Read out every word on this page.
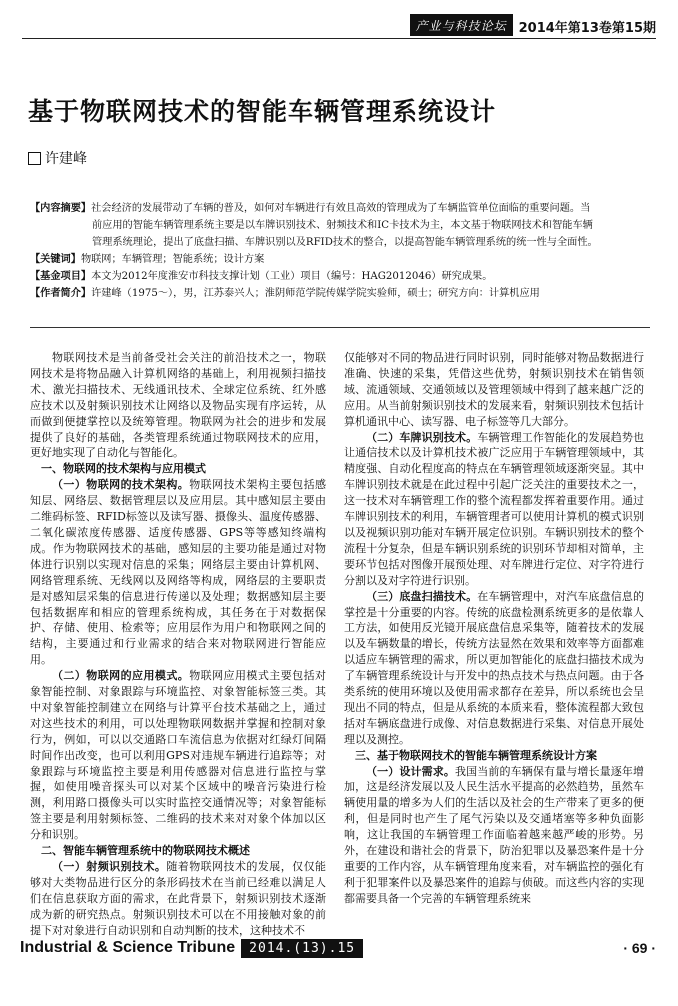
产业与科技论坛 2014年第13卷第15期
基于物联网技术的智能车辆管理系统设计
许建峰
【内容摘要】社会经济的发展带动了车辆的普及，如何对车辆进行有效且高效的管理成为了车辆监管单位面临的重要问题。当
前应用的智能车辆管理系统主要是以车牌识别技术、射频技术和IC卡技术为主，本文基于物联网技术和智能车辆
管理系统理论，提出了底盘扫描、车牌识别以及RFID技术的整合，以提高智能车辆管理系统的统一性与全面性。
【关键词】物联网；车辆管理；智能系统；设计方案
【基金项目】本文为2012年度淮安市科技支撑计划（工业）项目（编号：HAG2012046）研究成果。
【作者简介】许建峰（1975～），男，江苏泰兴人；淮阴师范学院传媒学院实验师，硕士；研究方向：计算机应用

物联网技术是当前备受社会关注的前沿技术之一，物联网技术是将物品融入计算机网络的基础上，利用视频扫描技术、激光扫描技术、无线通讯技术、全球定位系统、红外感应技术以及射频识别技术让网络以及物品实现有序运转，从而做到便捷掌控以及统筹管理。物联网为社会的进步和发展提供了良好的基础，各类管理系统通过物联网技术的应用，更好地实现了自动化与智能化。

一、物联网的技术架构与应用模式

（一）物联网的技术架构。物联网技术架构主要包括感知层、网络层、数据管理层以及应用层。其中感知层主要由二维码标签、RFID标签以及读写器、摄像头、温度传感器、二氧化碳浓度传感器、适度传感器、GPS等等感知终端构成。作为物联网技术的基础，感知层的主要功能是通过对物体进行识别以实现对信息的采集；网络层主要由计算机网、网络管理系统、无线网以及网络等构成，网络层的主要职责是对感知层采集的信息进行传递以及处理；数据感知层主要包括数据库和相应的管理系统构成，其任务在于对数据保护、存储、使用、检索等；应用层作为用户和物联网之间的结构，主要通过和行业需求的结合来对物联网进行智能应用。

（二）物联网的应用模式。物联网应用模式主要包括对象智能控制、对象跟踪与环境监控、对象智能标签三类。其中对象智能控制建立在网络与计算平台技术基础之上，通过对这些技术的利用，可以处理物联网数据并掌握和控制对象行为，例如，可以以交通路口车流信息为依据对红绿灯间隔时间作出改变，也可以利用GPS对违规车辆进行追踪等；对象跟踪与环境监控主要是利用传感器对信息进行监控与掌握，如使用噪音探头可以对某个区域中的噪音污染进行检测，利用路口摄像头可以实时监控交通情况等；对象智能标签主要是利用射频标签、二维码的技术来对对象个体加以区分和识别。

二、智能车辆管理系统中的物联网技术概述

（一）射频识别技术。随着物联网技术的发展，仅仅能够对大类物品进行区分的条形码技术在当前已经难以满足人们在信息获取方面的需求，在此背景下，射频识别技术逐渐成为新的研究热点。射频识别技术可以在不用接触对象的前提下对对象进行自动识别和自动判断的技术，这种技术不

仅能够对不同的物品进行同时识别，同时能够对物品数据进行准确、快速的采集，凭借这些优势，射频识别技术在销售领域、流通领域、交通领域以及管理领域中得到了越来越广泛的应用。从当前射频识别技术的发展来看，射频识别技术包括计算机通讯中心、读写器、电子标签等几大部分。

（二）车牌识别技术。车辆管理工作智能化的发展趋势也让通信技术以及计算机技术被广泛应用于车辆管理领域中，其精度强、自动化程度高的特点在车辆管理领域逐渐突显。其中车牌识别技术就是在此过程中引起广泛关注的重要技术之一，这一技术对车辆管理工作的整个流程都发挥着重要作用。通过车牌识别技术的利用，车辆管理者可以使用计算机的模式识别以及视频识别功能对车辆开展定位识别。车辆识别技术的整个流程十分复杂，但是车辆识别系统的识别环节却相对简单，主要环节包括对图像开展预处理、对车牌进行定位、对字符进行分割以及对字符进行识别。

（三）底盘扫描技术。在车辆管理中，对汽车底盘信息的掌控是十分重要的内容。传统的底盘检测系统更多的是依靠人工方法，如使用反光镜开展底盘信息采集等，随着技术的发展以及车辆数量的增长，传统方法显然在效果和效率等方面都难以适应车辆管理的需求，所以更加智能化的底盘扫描技术成为了车辆管理系统设计与开发中的热点技术与热点问题。由于各类系统的使用环境以及使用需求都存在差异，所以系统也会呈现出不同的特点，但是从系统的本质来看，整体流程都大致包括对车辆底盘进行成像、对信息数据进行采集、对信息开展处理以及测控。

三、基于物联网技术的智能车辆管理系统设计方案

（一）设计需求。我国当前的车辆保有量与增长量逐年增加，这是经济发展以及人民生活水平提高的必然趋势，虽然车辆使用量的增多为人们的生活以及社会的生产带来了更多的便利，但是同时也产生了尾气污染以及交通堵塞等多种负面影响，这让我国的车辆管理工作面临着越来越严峻的形势。另外，在建设和谐社会的背景下，防治犯罪以及暴恐案件是十分重要的工作内容，从车辆管理角度来看，对车辆监控的强化有利于犯罪案件以及暴恐案件的追踪与侦破。而这些内容的实现都需要具备一个完善的车辆管理系统来

Industrial & Science Tribune	2014.(13).15	· 69 ·
